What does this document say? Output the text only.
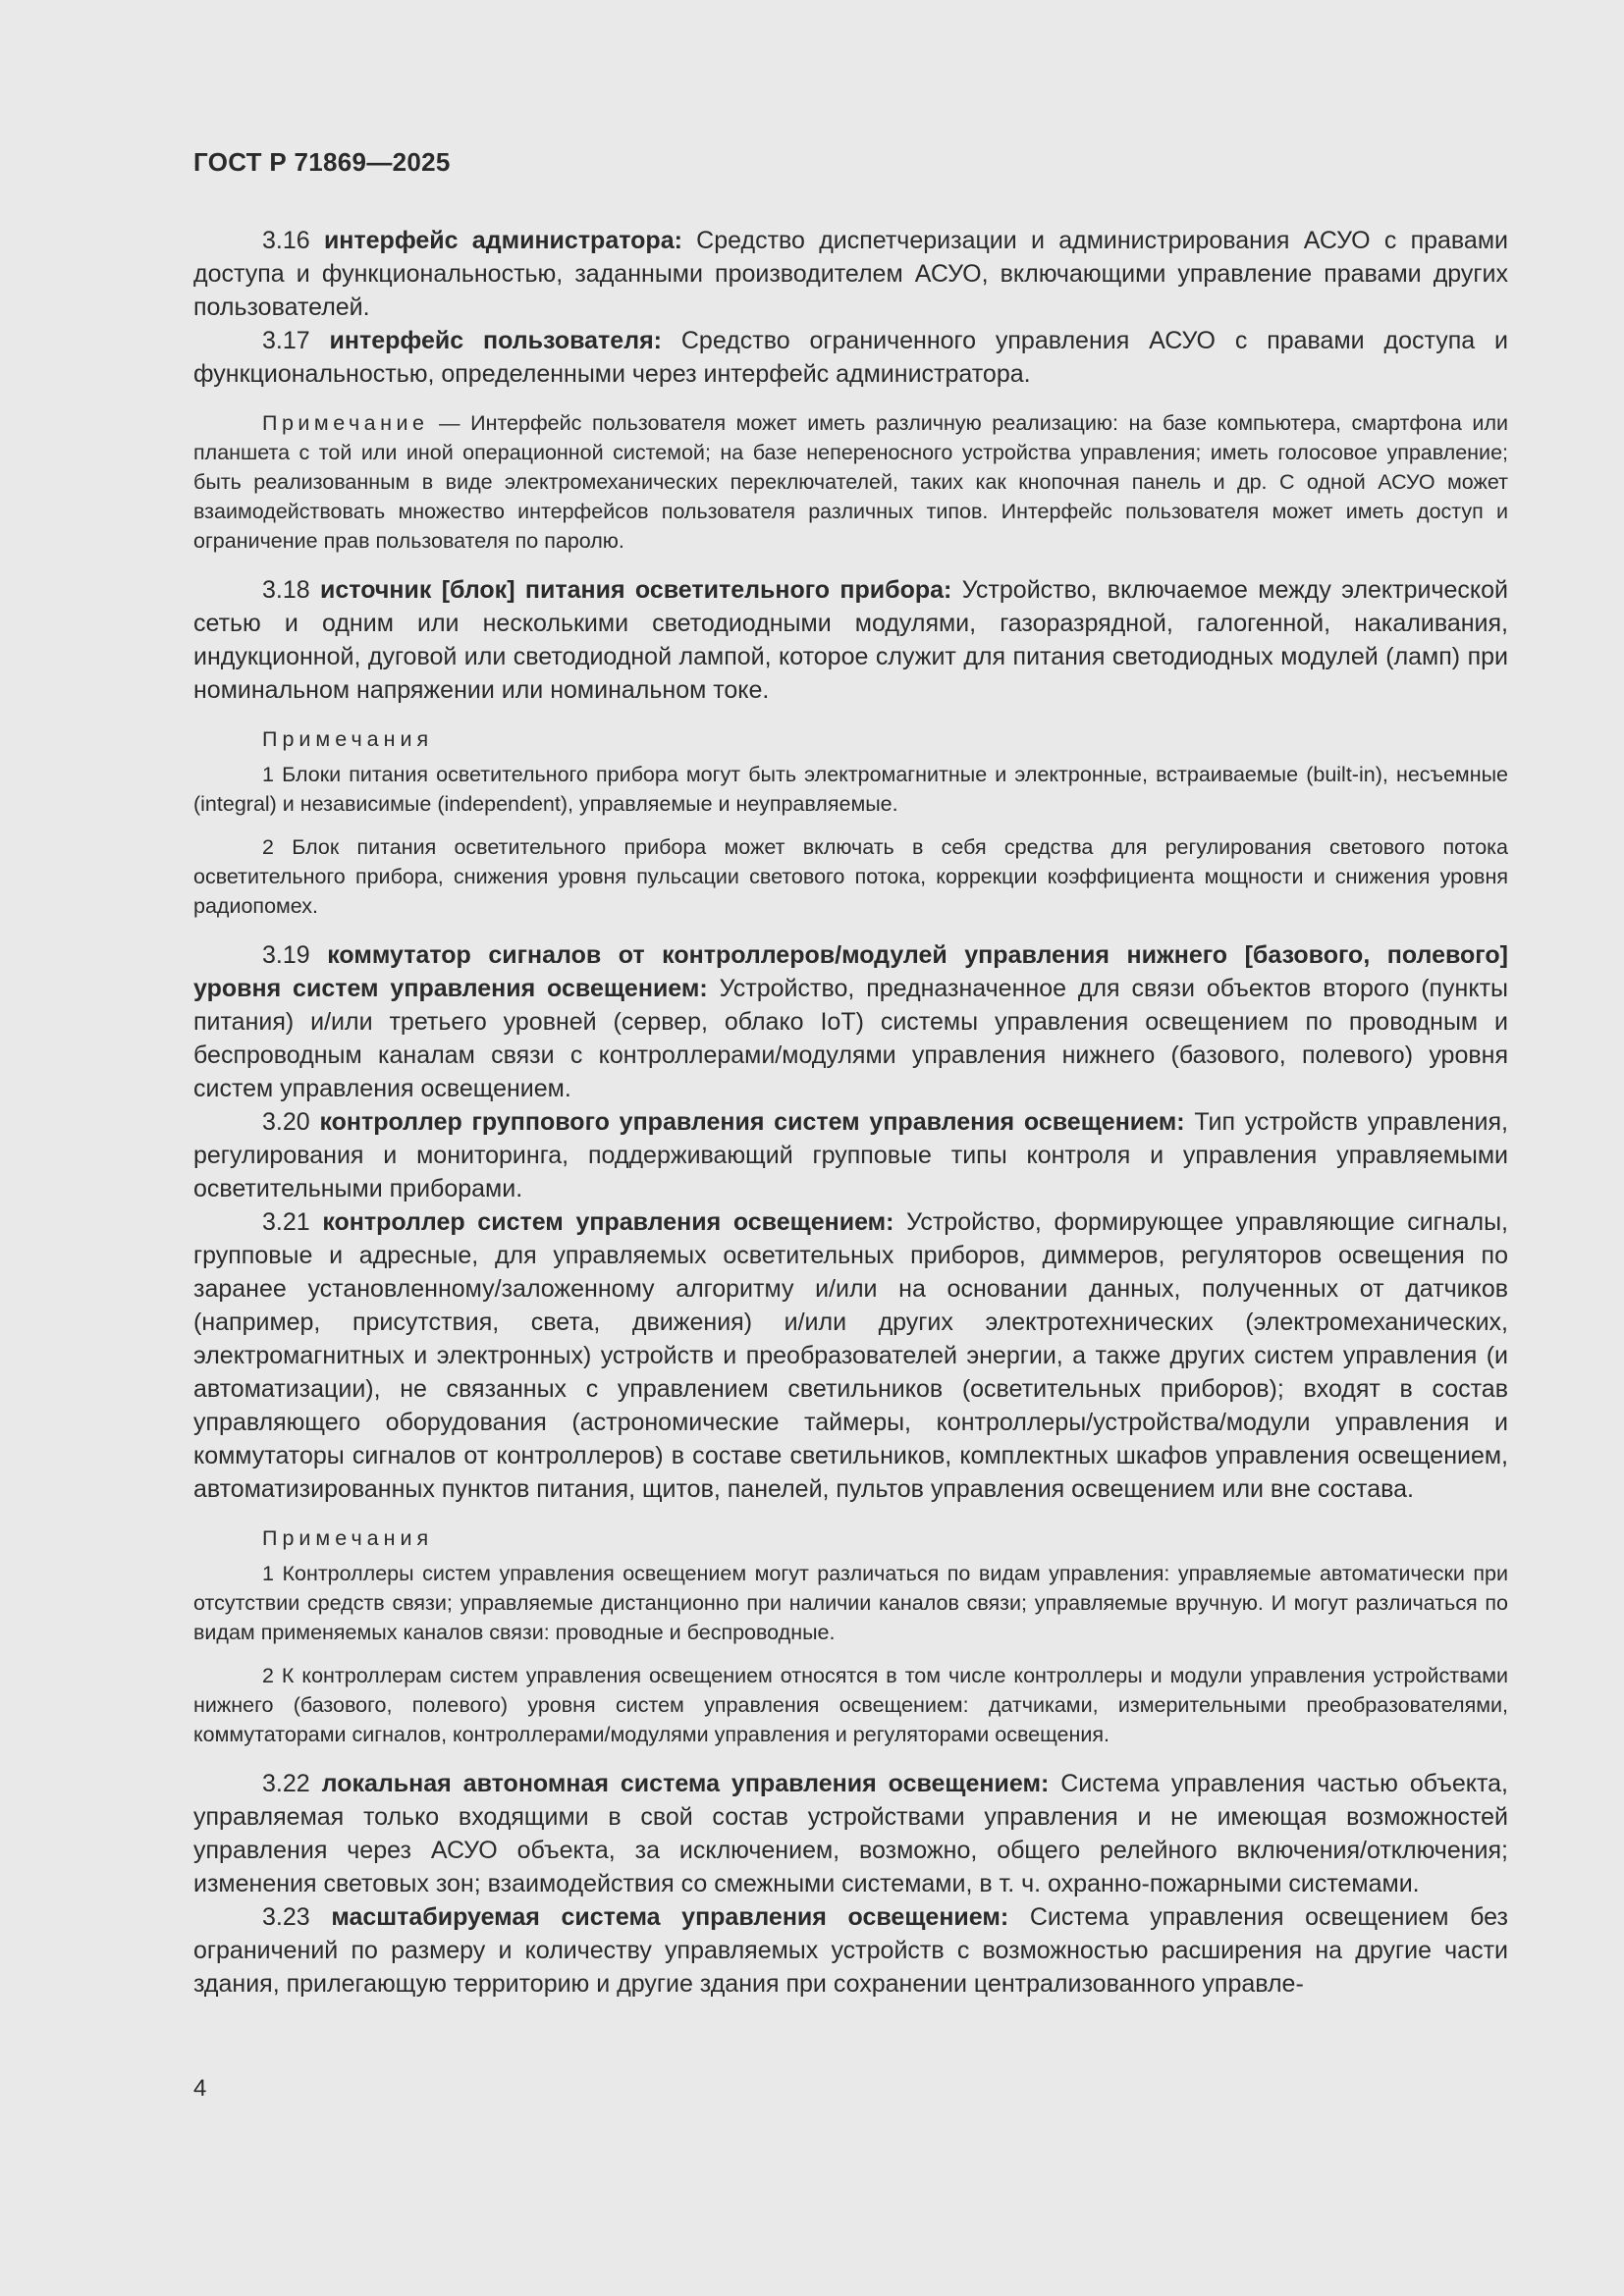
ГОСТ Р 71869—2025

3.16 интерфейс администратора: Средство диспетчеризации и администрирования АСУО с правами доступа и функциональностью, заданными производителем АСУО, включающими управление правами других пользователей.

3.17 интерфейс пользователя: Средство ограниченного управления АСУО с правами доступа и функциональностью, определенными через интерфейс администратора.

Примечание — Интерфейс пользователя может иметь различную реализацию: на базе компьютера, смартфона или планшета с той или иной операционной системой; на базе непереносного устройства управления; иметь голосовое управление; быть реализованным в виде электромеханических переключателей, таких как кнопочная панель и др. С одной АСУО может взаимодействовать множество интерфейсов пользователя различных типов. Интерфейс пользователя может иметь доступ и ограничение прав пользователя по паролю.

3.18 источник [блок] питания осветительного прибора: Устройство, включаемое между электрической сетью и одним или несколькими светодиодными модулями, газоразрядной, галогенной, накаливания, индукционной, дуговой или светодиодной лампой, которое служит для питания светодиодных модулей (ламп) при номинальном напряжении или номинальном токе.

Примечания

1 Блоки питания осветительного прибора могут быть электромагнитные и электронные, встраиваемые (built-in), несъемные (integral) и независимые (independent), управляемые и неуправляемые.

2 Блок питания осветительного прибора может включать в себя средства для регулирования светового потока осветительного прибора, снижения уровня пульсации светового потока, коррекции коэффициента мощности и снижения уровня радиопомех.

3.19 коммутатор сигналов от контроллеров/модулей управления нижнего [базового, полевого] уровня систем управления освещением: Устройство, предназначенное для связи объектов второго (пункты питания) и/или третьего уровней (сервер, облако IoT) системы управления освещением по проводным и беспроводным каналам связи с контроллерами/модулями управления нижнего (базового, полевого) уровня систем управления освещением.

3.20 контроллер группового управления систем управления освещением: Тип устройств управления, регулирования и мониторинга, поддерживающий групповые типы контроля и управления управляемыми осветительными приборами.

3.21 контроллер систем управления освещением: Устройство, формирующее управляющие сигналы, групповые и адресные, для управляемых осветительных приборов, диммеров, регуляторов освещения по заранее установленному/заложенному алгоритму и/или на основании данных, полученных от датчиков (например, присутствия, света, движения) и/или других электротехнических (электромеханических, электромагнитных и электронных) устройств и преобразователей энергии, а также других систем управления (и автоматизации), не связанных с управлением светильников (осветительных приборов); входят в состав управляющего оборудования (астрономические таймеры, контроллеры/устройства/модули управления и коммутаторы сигналов от контроллеров) в составе светильников, комплектных шкафов управления освещением, автоматизированных пунктов питания, щитов, панелей, пультов управления освещением или вне состава.

Примечания

1 Контроллеры систем управления освещением могут различаться по видам управления: управляемые автоматически при отсутствии средств связи; управляемые дистанционно при наличии каналов связи; управляемые вручную. И могут различаться по видам применяемых каналов связи: проводные и беспроводные.

2 К контроллерам систем управления освещением относятся в том числе контроллеры и модули управления устройствами нижнего (базового, полевого) уровня систем управления освещением: датчиками, измерительными преобразователями, коммутаторами сигналов, контроллерами/модулями управления и регуляторами освещения.

3.22 локальная автономная система управления освещением: Система управления частью объекта, управляемая только входящими в свой состав устройствами управления и не имеющая возможностей управления через АСУО объекта, за исключением, возможно, общего релейного включения/отключения; изменения световых зон; взаимодействия со смежными системами, в т. ч. охранно-пожарными системами.

3.23 масштабируемая система управления освещением: Система управления освещением без ограничений по размеру и количеству управляемых устройств с возможностью расширения на другие части здания, прилегающую территорию и другие здания при сохранении централизованного управле-

4
